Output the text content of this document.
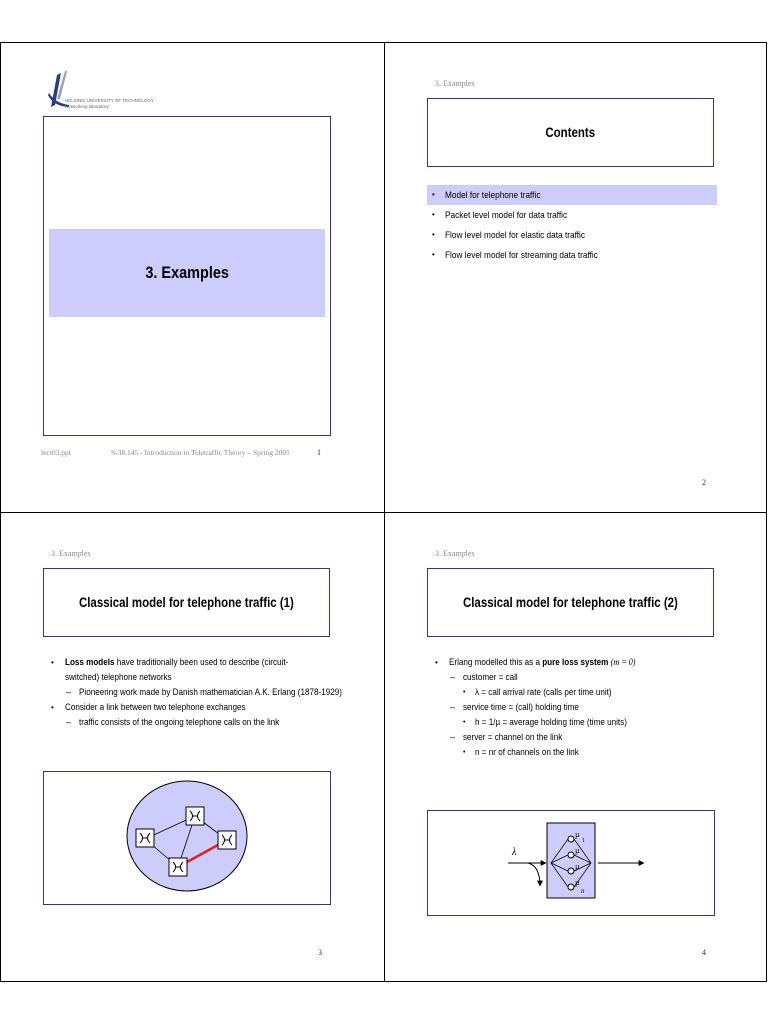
HELSINKI UNIVERSITY OF TECHNOLOGY
Networking laboratory
3. Examples
lect03.ppt	S-38.145 - Introduction to Teletraffic Theory – Spring 2005	1
3. Examples
Contents
• Model for telephone traffic
• Packet level model for data traffic
• Flow level model for elastic data traffic
• Flow level model for streaming data traffic
2
3. Examples
Classical model for telephone traffic (1)
• Loss models have traditionally been used to describe (circuit-
switched) telephone networks
– Pioneering work made by Danish mathematician A.K. Erlang (1878-1929)
• Consider a link between two telephone exchanges
– traffic consists of the ongoing telephone calls on the link
3
3. Examples
Classical model for telephone traffic (2)
• Erlang modelled this as a pure loss system (m = 0)
– customer = call
• λ = call arrival rate (calls per time unit)
– service time = (call) holding time
• h = 1/µ = average holding time (time units)
– server = channel on the link
• n = nr of channels on the link
λ
µ
1
µ
µ
µ
n
4
